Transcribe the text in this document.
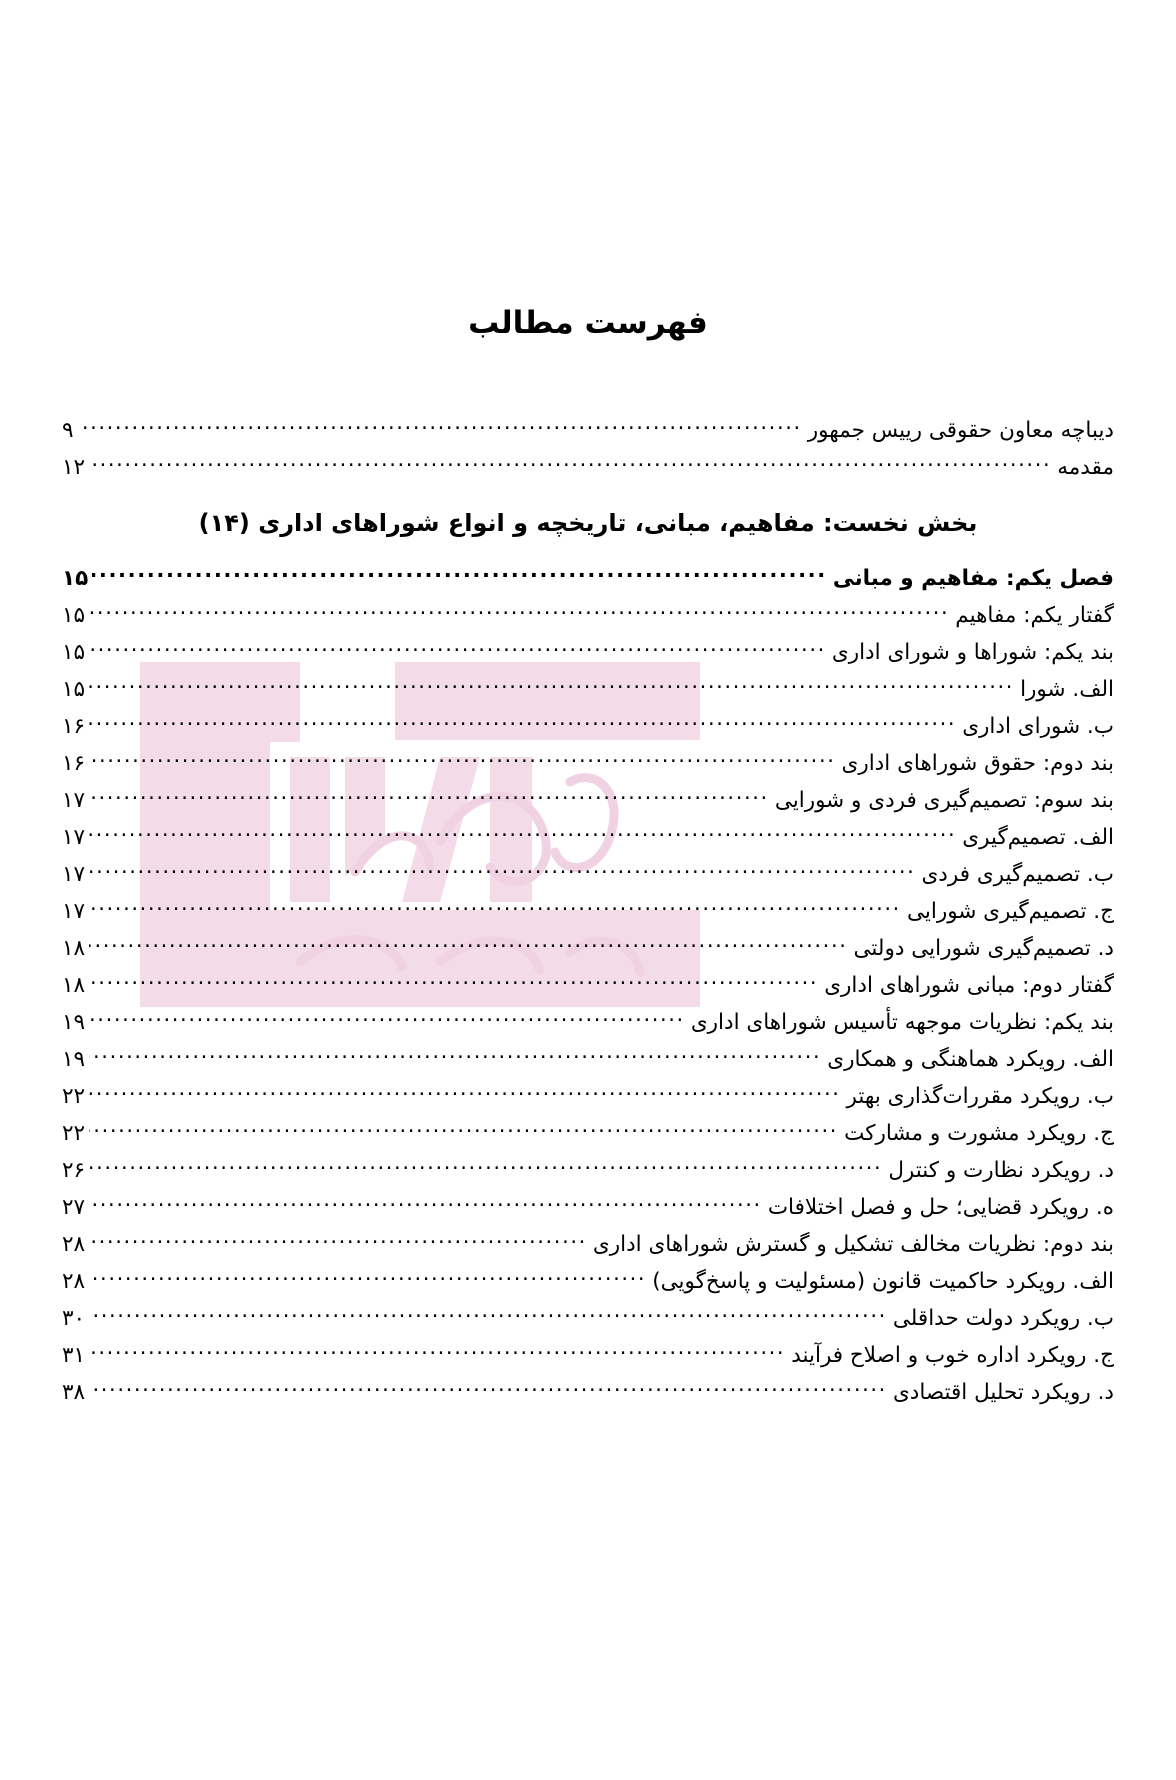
فهرست مطالب
دیباچه معاون حقوقی رییس جمهور
.....
۹
مقدمه
.....
۱۲
بخش نخست: مفاهیم، مبانی، تاریخچه و انواع شوراهای اداری (۱۴)
فصل یکم: مفاهیم و مبانی
.....
۱۵
گفتار یکم: مفاهیم
.....
۱۵
بند یکم: شوراها و شورای اداری
.....
۱۵
الف. شورا
.....
۱۵
ب. شورای اداری
.....
۱۶
بند دوم: حقوق شوراهای اداری
.....
۱۶
بند سوم: تصمیم‌گیری فردی و شورایی
.....
۱۷
الف. تصمیم‌گیری
.....
۱۷
ب. تصمیم‌گیری فردی
.....
۱۷
ج. تصمیم‌گیری شورایی
.....
۱۷
د. تصمیم‌گیری شورایی دولتی
.....
۱۸
گفتار دوم: مبانی شوراهای اداری
.....
۱۸
بند یکم: نظریات موجهه تأسیس شوراهای اداری
.....
۱۹
الف. رویکرد هماهنگی و همکاری
.....
۱۹
ب. رویکرد مقررات‌گذاری بهتر
.....
۲۲
ج. رویکرد مشورت و مشارکت
.....
۲۲
د. رویکرد نظارت و کنترل
.....
۲۶
ه. رویکرد قضایی؛ حل و فصل اختلافات
.....
۲۷
بند دوم: نظریات مخالف تشکیل و گسترش شوراهای اداری
.....
۲۸
الف. رویکرد حاکمیت قانون (مسئولیت و پاسخ‌گویی)
.....
۲۸
ب. رویکرد دولت حداقلی
.....
۳۰
ج. رویکرد اداره خوب و اصلاح فرآیند
.....
۳۱
د. رویکرد تحلیل اقتصادی
.....
۳۸
